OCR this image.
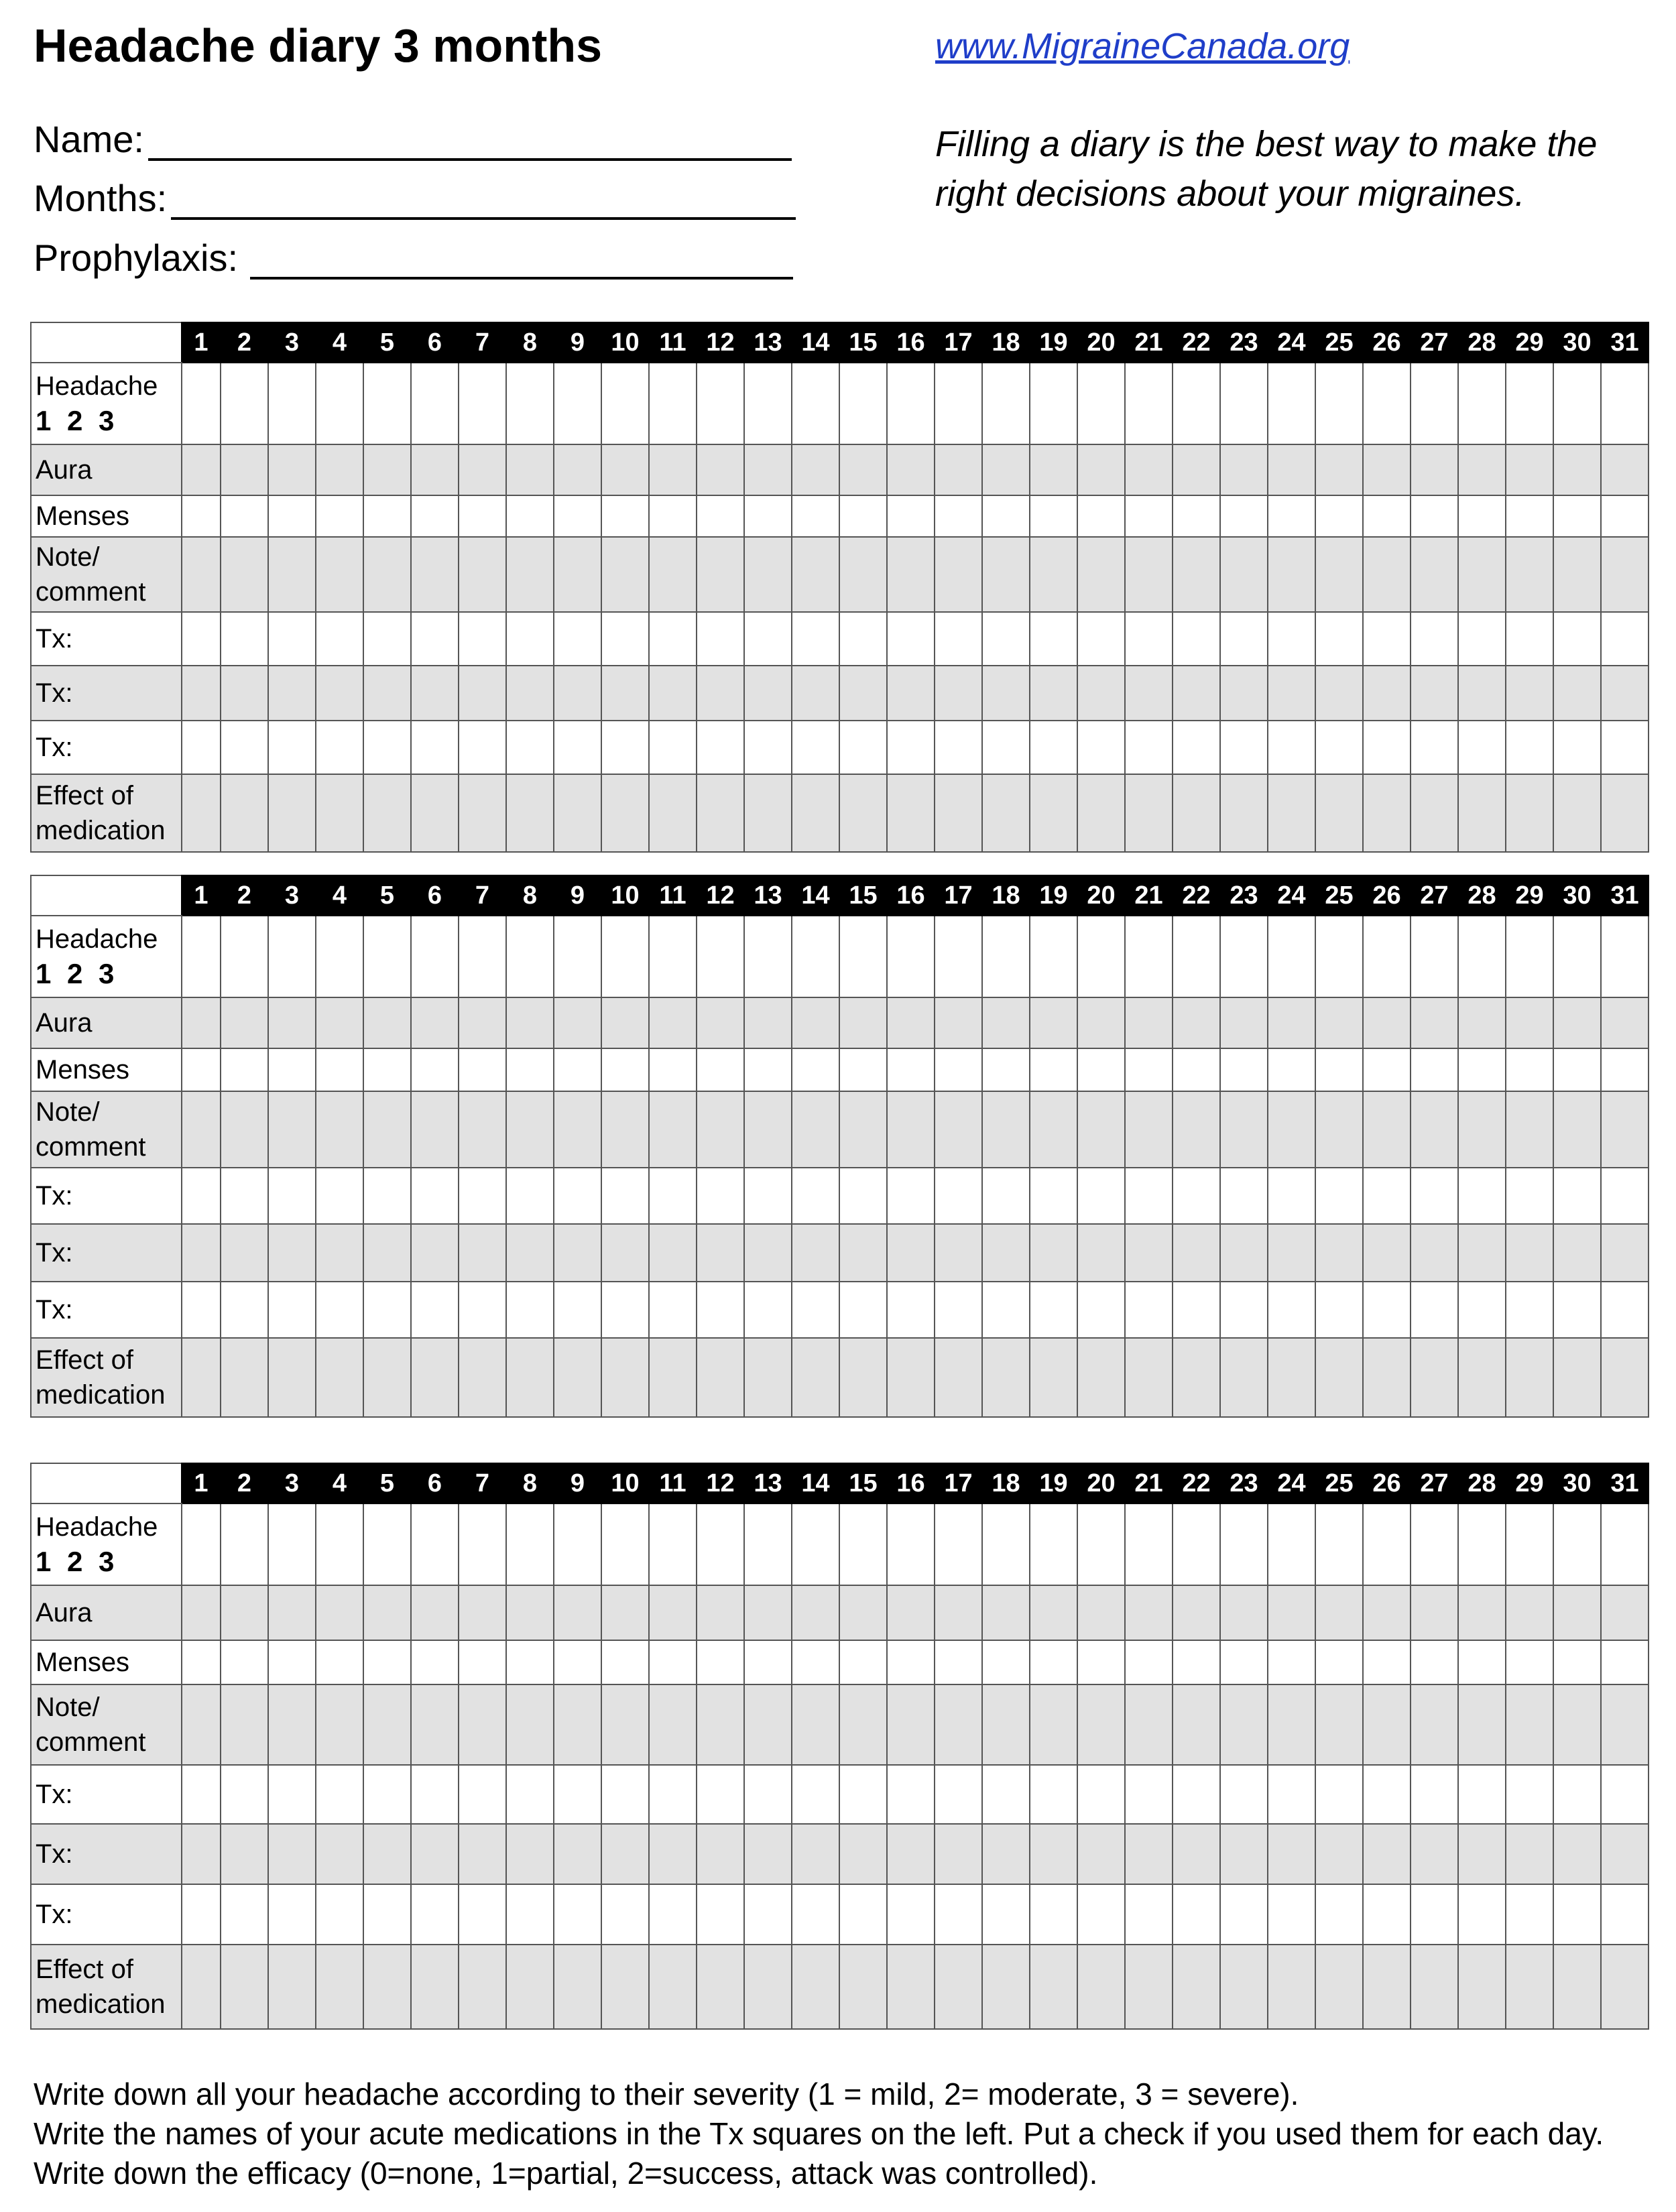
Headache diary 3 months	www.MigraineCanada.org
Filling a diary is the best way to make the right decisions about your migraines.
Name:
Months:
Prophylaxis:
	1	2	3	4	5	6	7	8	9	10	11	12	13	14	15	16	17	18	19	20	21	22	23	24	25	26	27	28	29	30	31

Headache
1 2 3																															

Aura																															

Menses																															

Note/
comment																															

Tx:																															

Tx:																															

Tx:																															

Effect of
medication																															

	1	2	3	4	5	6	7	8	9	10	11	12	13	14	15	16	17	18	19	20	21	22	23	24	25	26	27	28	29	30	31

Headache
1 2 3																															

Aura																															

Menses																															

Note/
comment																															

Tx:																															

Tx:																															

Tx:																															

Effect of
medication																															

	1	2	3	4	5	6	7	8	9	10	11	12	13	14	15	16	17	18	19	20	21	22	23	24	25	26	27	28	29	30	31

Headache
1 2 3																															

Aura																															

Menses																															

Note/
comment																															

Tx:																															

Tx:																															

Tx:																															

Effect of
medication																															

Write down all your headache according to their severity (1 = mild, 2= moderate, 3 = severe).
Write the names of your acute medications in the Tx squares on the left. Put a check if you used them for each day.
Write down the efficacy (0=none, 1=partial, 2=success, attack was controlled).
